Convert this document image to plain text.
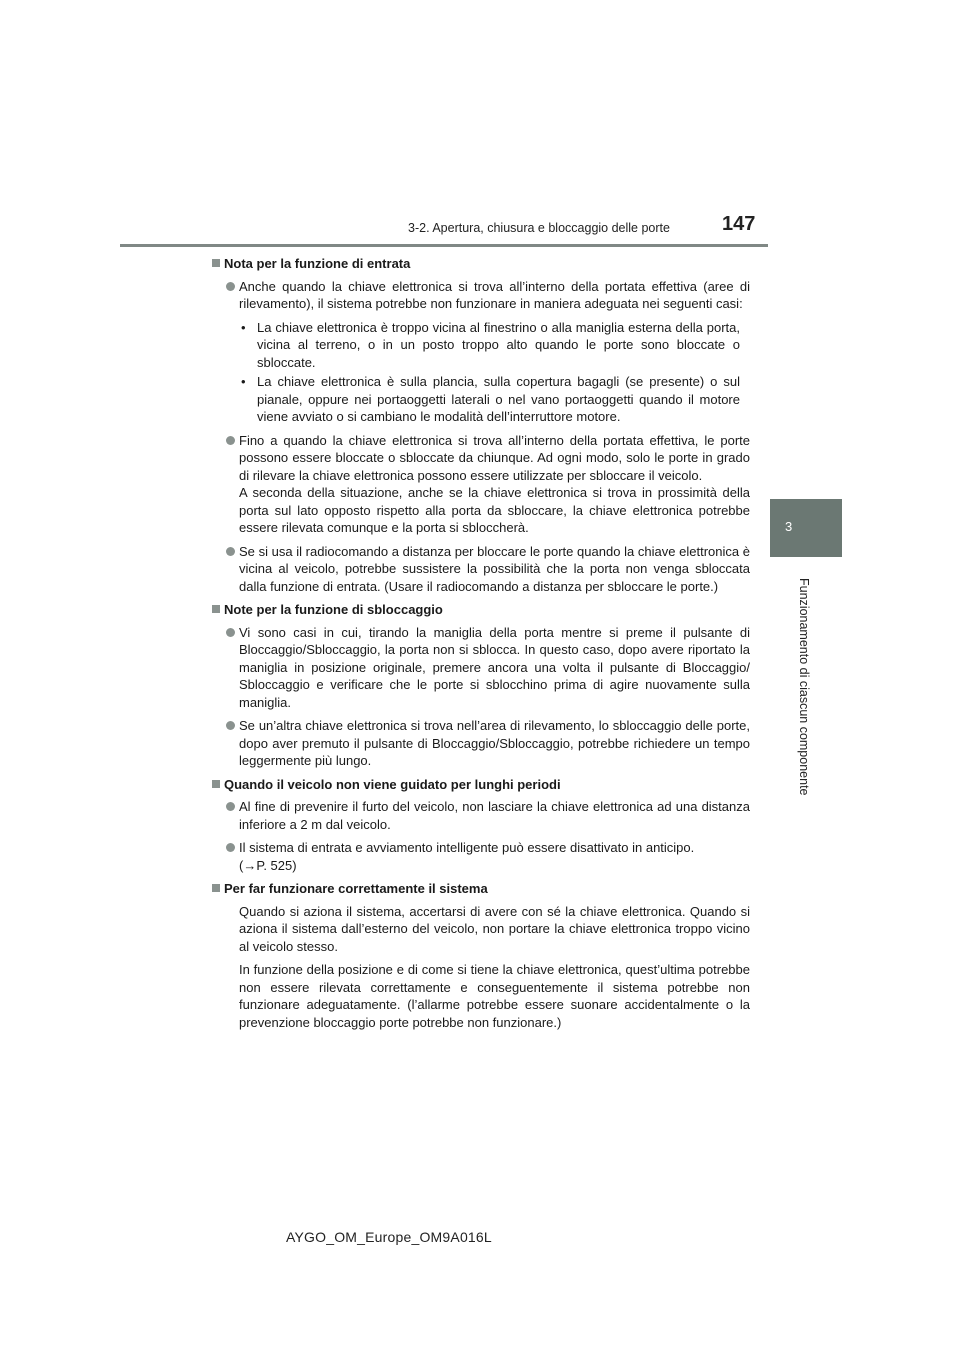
3-2. Apertura, chiusura e bloccaggio delle porte	147
3
Funzionamento di ciascun componente
Nota per la funzione di entrata
Anche quando la chiave elettronica si trova all’interno della portata effettiva (aree di rilevamento), il sistema potrebbe non funzionare in maniera adeguata nei seguenti casi:
• La chiave elettronica è troppo vicina al finestrino o alla maniglia esterna della porta, vicina al terreno, o in un posto troppo alto quando le porte sono bloccate o sbloccate.
• La chiave elettronica è sulla plancia, sulla copertura bagagli (se presente) o sul pianale, oppure nei portaoggetti laterali o nel vano portaoggetti quando il motore viene avviato o si cambiano le modalità dell’interruttore motore.
Fino a quando la chiave elettronica si trova all’interno della portata effettiva, le porte possono essere bloccate o sbloccate da chiunque. Ad ogni modo, solo le porte in grado di rilevare la chiave elettronica possono essere utilizzate per sbloccare il veicolo.
A seconda della situazione, anche se la chiave elettronica si trova in prossimità della porta sul lato opposto rispetto alla porta da sbloccare, la chiave elettronica potrebbe essere rilevata comunque e la porta si sbloccherà.
Se si usa il radiocomando a distanza per bloccare le porte quando la chiave elettronica è vicina al veicolo, potrebbe sussistere la possibilità che la porta non venga sbloccata dalla funzione di entrata. (Usare il radiocomando a distanza per sbloccare le porte.)
Note per la funzione di sbloccaggio
Vi sono casi in cui, tirando la maniglia della porta mentre si preme il pulsante di Bloccaggio/Sbloccaggio, la porta non si sblocca. In questo caso, dopo avere riportato la maniglia in posizione originale, premere ancora una volta il pulsante di Bloccaggio/ Sbloccaggio e verificare che le porte si sblocchino prima di agire nuovamente sulla maniglia.
Se un’altra chiave elettronica si trova nell’area di rilevamento, lo sbloccaggio delle porte, dopo aver premuto il pulsante di Bloccaggio/Sbloccaggio, potrebbe richiedere un tempo leggermente più lungo.
Quando il veicolo non viene guidato per lunghi periodi
Al fine di prevenire il furto del veicolo, non lasciare la chiave elettronica ad una distanza inferiore a 2 m dal veicolo.
Il sistema di entrata e avviamento intelligente può essere disattivato in anticipo.
(→P. 525)
Per far funzionare correttamente il sistema
Quando si aziona il sistema, accertarsi di avere con sé la chiave elettronica. Quando si aziona il sistema dall’esterno del veicolo, non portare la chiave elettronica troppo vicino al veicolo stesso.
In funzione della posizione e di come si tiene la chiave elettronica, quest’ultima potrebbe non essere rilevata correttamente e conseguentemente il sistema potrebbe non funzionare adeguatamente. (l’allarme potrebbe essere suonare accidentalmente o la prevenzione bloccaggio porte potrebbe non funzionare.)
AYGO_OM_Europe_OM9A016L
